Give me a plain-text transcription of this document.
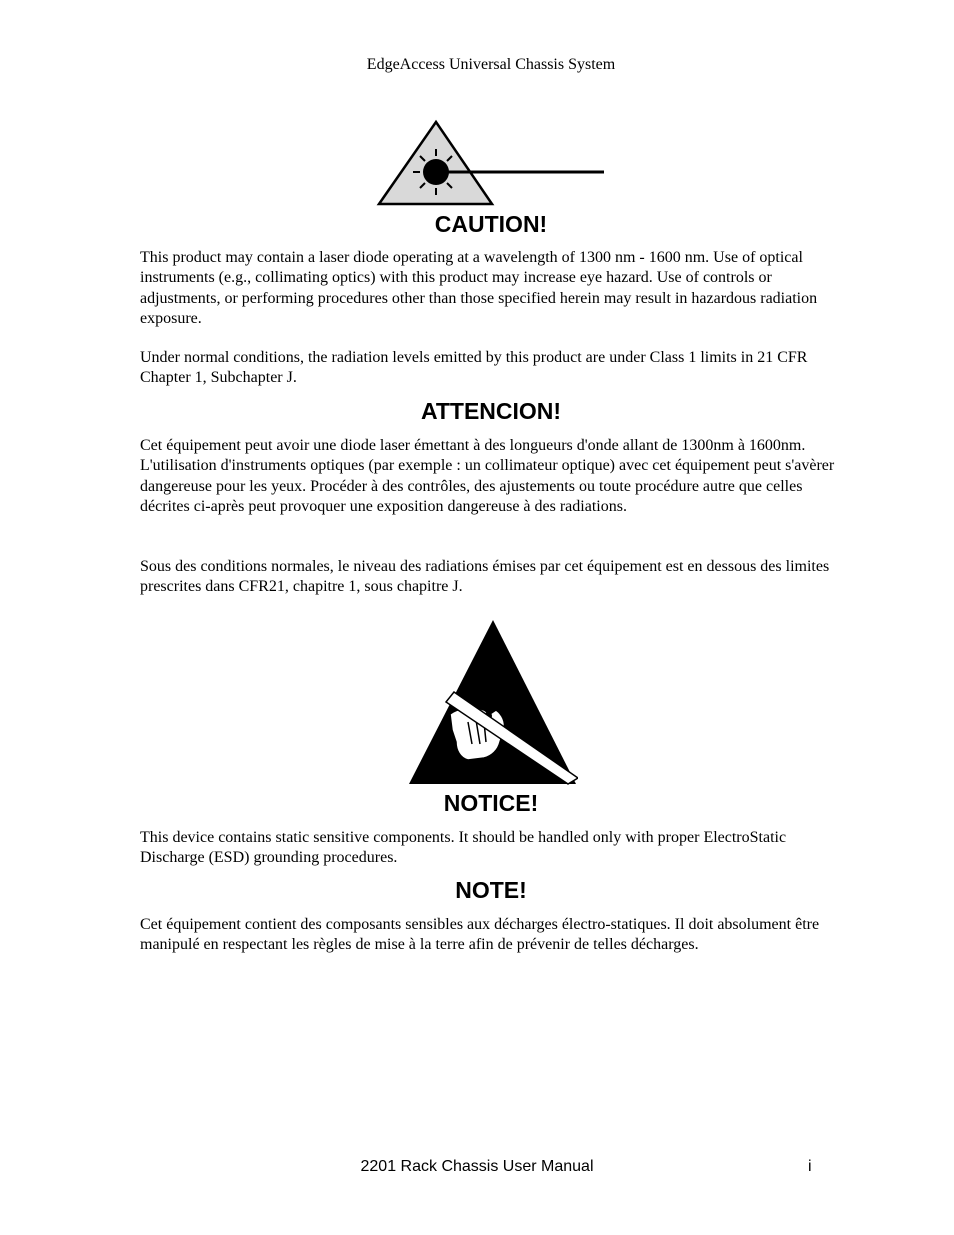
EdgeAccess Universal Chassis System
CAUTION!

This product may contain a laser diode operating at a wavelength of 1300 nm - 1600 nm. Use of optical instruments (e.g., collimating optics) with this product may increase eye hazard. Use of controls or adjustments, or performing procedures other than those specified herein may result in hazardous radiation exposure.

Under normal conditions, the radiation levels emitted by this product are under Class 1 limits in 21 CFR Chapter 1, Subchapter J.

ATTENCION!

Cet équipement peut avoir une diode laser émettant à des longueurs d'onde allant de 1300nm à 1600nm. L'utilisation d'instruments optiques (par exemple : un collimateur optique) avec cet équipement peut s'avèrer dangereuse pour les yeux. Procéder à des contrôles, des ajustements ou toute procédure autre que celles décrites ci-après peut provoquer une exposition dangereuse à des radiations.

Sous des conditions normales, le niveau des radiations émises par cet équipement est en dessous des limites prescrites dans CFR21, chapitre 1, sous chapitre J.

NOTICE!

This device contains static sensitive components. It should be handled only with proper ElectroStatic Discharge (ESD) grounding procedures.

NOTE!

Cet équipement contient des composants sensibles aux décharges électro-statiques. Il doit absolument être manipulé en respectant les règles de mise à la terre afin de prévenir de telles décharges.

2201 Rack Chassis User Manual	i
